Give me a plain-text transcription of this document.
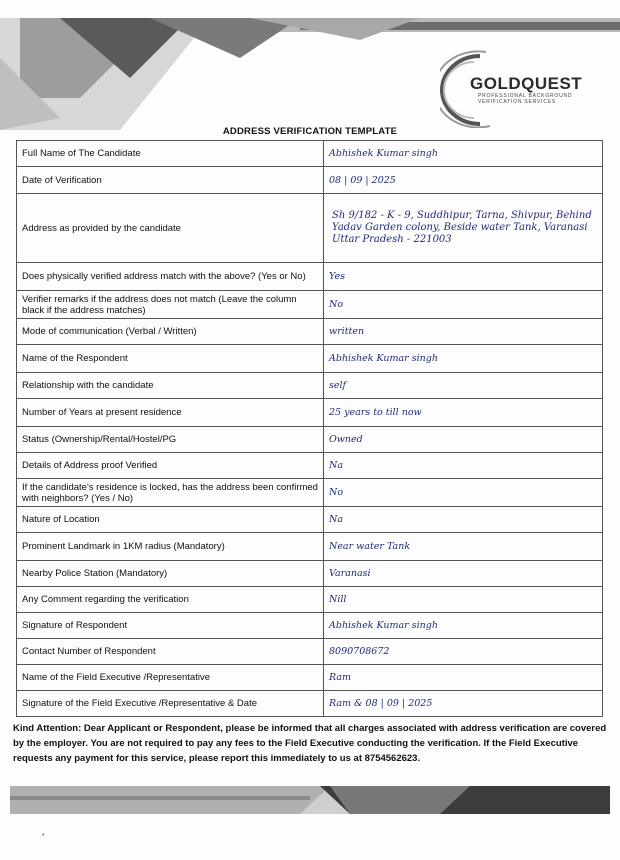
GOLDQUEST
PROFESSIONAL BACKGROUND
VERIFICATION SERVICES
ADDRESS VERIFICATION TEMPLATE
Full Name of The Candidate	Abhishek Kumar singh
Date of Verification	08 | 09 | 2025
Address as provided by the candidate	Sh 9/182 - K - 9, Suddhipur, Tarna, Shivpur, Behind Yadav Garden colony, Beside water Tank, Varanasi Uttar Pradesh - 221003
Does physically verified address match with the above? (Yes or No)	Yes
Verifier remarks if the address does not match (Leave the column black if the address matches)	No
Mode of communication (Verbal / Written)	written
Name of the Respondent	Abhishek Kumar singh
Relationship with the candidate	self
Number of Years at present residence	25 years to till now
Status (Ownership/Rental/Hostel/PG	Owned
Details of Address proof Verified	Na
If the candidate's residence is locked, has the address been confirmed with neighbors? (Yes / No)	No
Nature of Location	Na
Prominent Landmark in 1KM radius (Mandatory)	Near water Tank
Nearby Police Station (Mandatory)	Varanasi
Any Comment regarding the verification	Nill
Signature of Respondent	Abhishek Kumar singh
Contact Number of Respondent	8090708672
Name of the Field Executive /Representative	Ram
Signature of the Field Executive /Representative & Date	Ram & 08 | 09 | 2025
Kind Attention: Dear Applicant or Respondent, please be informed that all charges associated with address verification are covered by the employer. You are not required to pay any fees to the Field Executive conducting the verification. If the Field Executive requests any payment for this service, please report this immediately to us at 8754562623.
•
